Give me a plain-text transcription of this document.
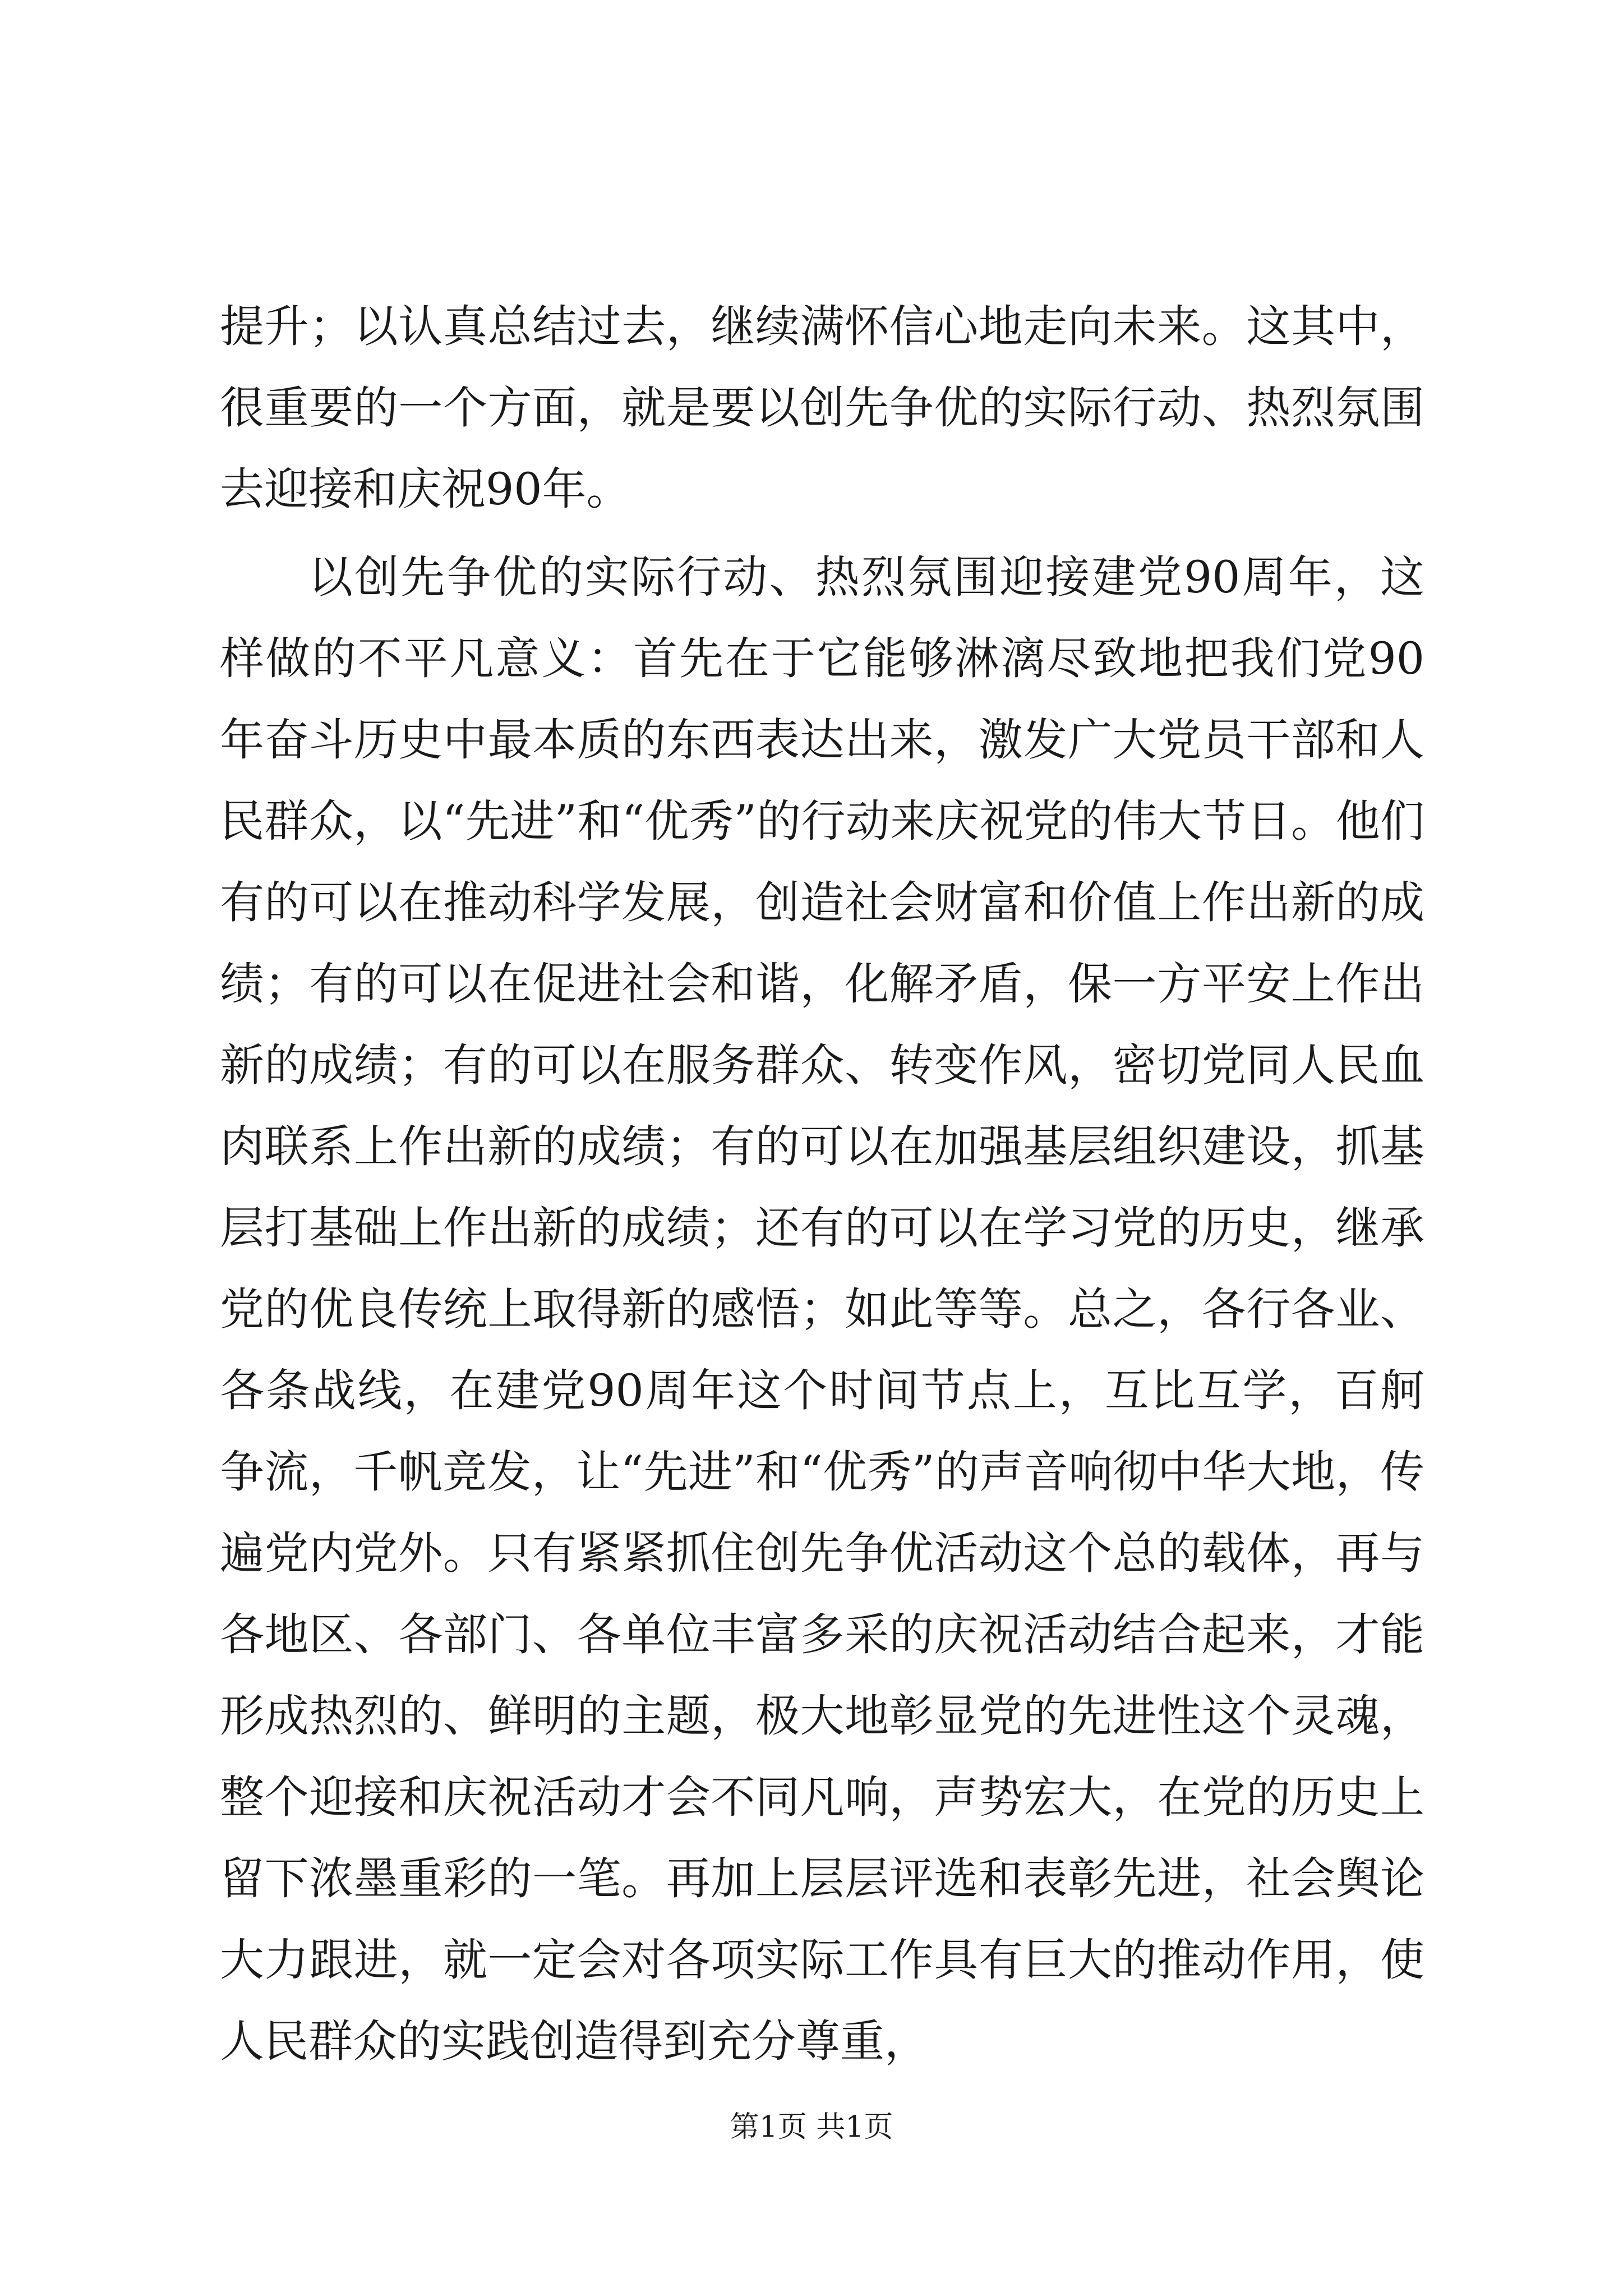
提升；以认真总结过去，继续满怀信心地走向未来。这其中，很重要的一个方面，就是要以创先争优的实际行动、热烈氛围去迎接和庆祝90年。

以创先争优的实际行动、热烈氛围迎接建党90周年，这样做的不平凡意义：首先在于它能够淋漓尽致地把我们党90年奋斗历史中最本质的东西表达出来，激发广大党员干部和人民群众，以“先进”和“优秀”的行动来庆祝党的伟大节日。他们有的可以在推动科学发展，创造社会财富和价值上作出新的成绩；有的可以在促进社会和谐，化解矛盾，保一方平安上作出新的成绩；有的可以在服务群众、转变作风，密切党同人民血肉联系上作出新的成绩；有的可以在加强基层组织建设，抓基层打基础上作出新的成绩；还有的可以在学习党的历史，继承党的优良传统上取得新的感悟；如此等等。总之，各行各业、各条战线，在建党90周年这个时间节点上，互比互学，百舸争流，千帆竞发，让“先进”和“优秀”的声音响彻中华大地，传遍党内党外。只有紧紧抓住创先争优活动这个总的载体，再与各地区、各部门、各单位丰富多采的庆祝活动结合起来，才能形成热烈的、鲜明的主题，极大地彰显党的先进性这个灵魂，整个迎接和庆祝活动才会不同凡响，声势宏大，在党的历史上留下浓墨重彩的一笔。再加上层层评选和表彰先进，社会舆论大力跟进，就一定会对各项实际工作具有巨大的推动作用，使人民群众的实践创造得到充分尊重，

第1页 共1页
